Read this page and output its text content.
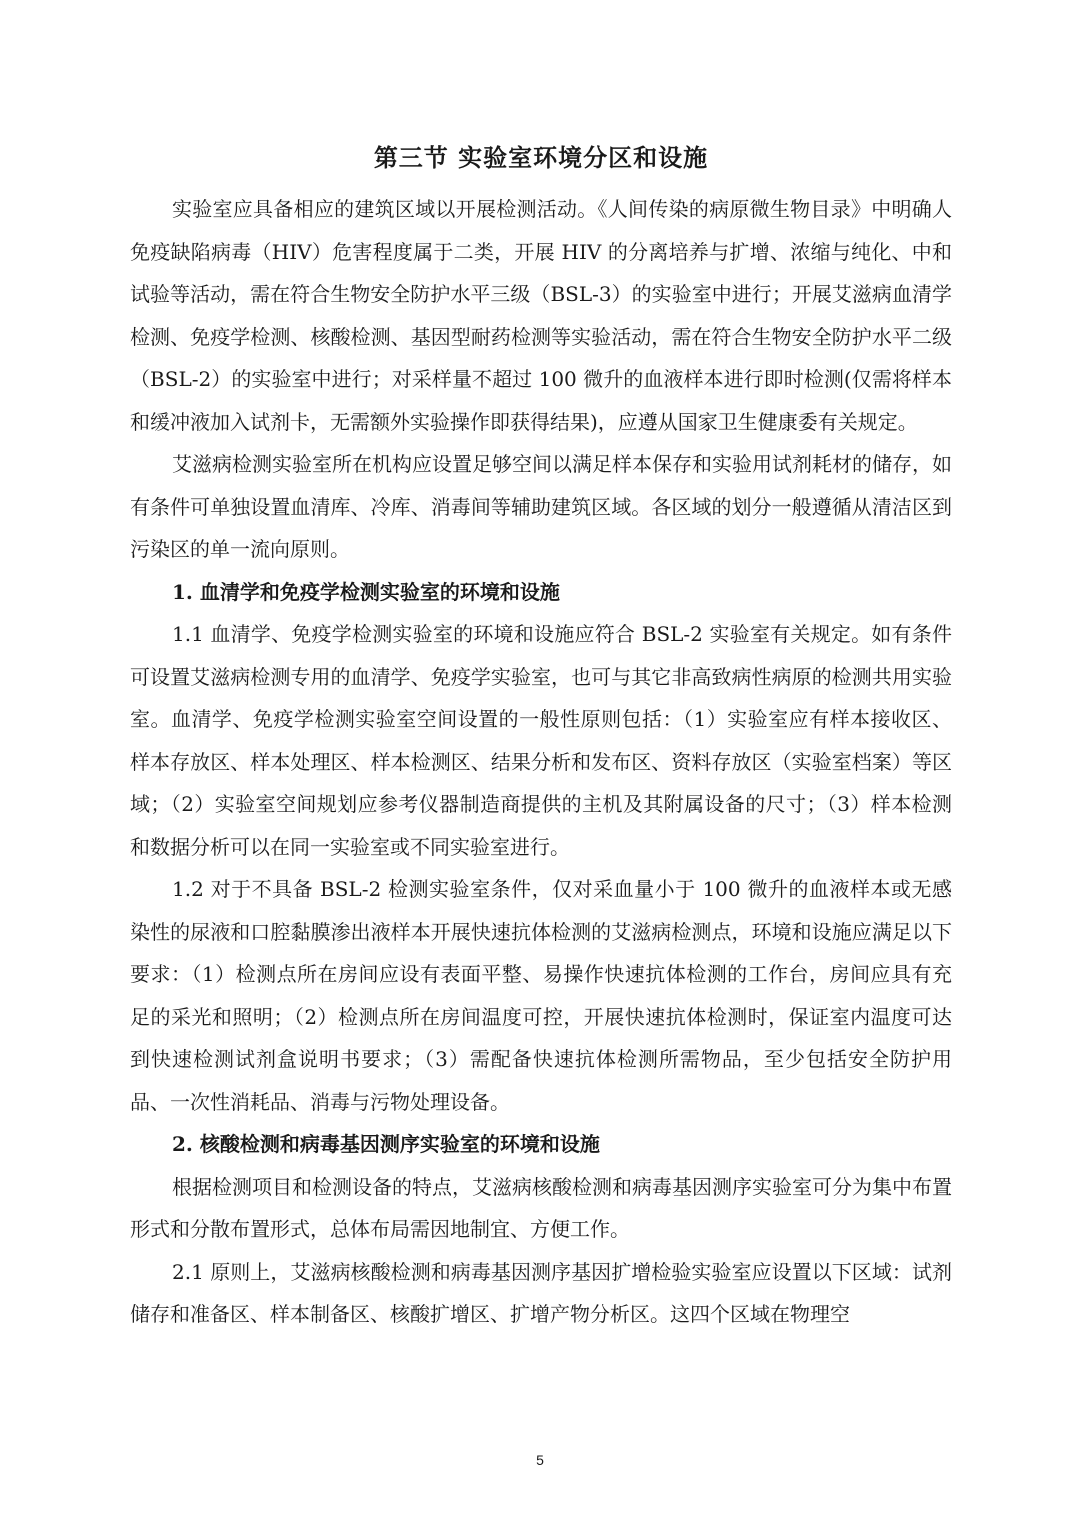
第三节 实验室环境分区和设施

实验室应具备相应的建筑区域以开展检测活动。《人间传染的病原微生物目录》中明确人免疫缺陷病毒（HIV）危害程度属于二类，开展 HIV 的分离培养与扩增、浓缩与纯化、中和试验等活动，需在符合生物安全防护水平三级（BSL-3）的实验室中进行；开展艾滋病血清学检测、免疫学检测、核酸检测、基因型耐药检测等实验活动，需在符合生物安全防护水平二级（BSL-2）的实验室中进行；对采样量不超过 100 微升的血液样本进行即时检测(仅需将样本和缓冲液加入试剂卡，无需额外实验操作即获得结果)，应遵从国家卫生健康委有关规定。

艾滋病检测实验室所在机构应设置足够空间以满足样本保存和实验用试剂耗材的储存，如有条件可单独设置血清库、冷库、消毒间等辅助建筑区域。各区域的划分一般遵循从清洁区到污染区的单一流向原则。

1. 血清学和免疫学检测实验室的环境和设施

1.1 血清学、免疫学检测实验室的环境和设施应符合 BSL-2 实验室有关规定。如有条件可设置艾滋病检测专用的血清学、免疫学实验室，也可与其它非高致病性病原的检测共用实验室。血清学、免疫学检测实验室空间设置的一般性原则包括：（1）实验室应有样本接收区、样本存放区、样本处理区、样本检测区、结果分析和发布区、资料存放区（实验室档案）等区域；（2）实验室空间规划应参考仪器制造商提供的主机及其附属设备的尺寸；（3）样本检测和数据分析可以在同一实验室或不同实验室进行。

1.2 对于不具备 BSL-2 检测实验室条件，仅对采血量小于 100 微升的血液样本或无感染性的尿液和口腔黏膜渗出液样本开展快速抗体检测的艾滋病检测点，环境和设施应满足以下要求：（1）检测点所在房间应设有表面平整、易操作快速抗体检测的工作台，房间应具有充足的采光和照明；（2）检测点所在房间温度可控，开展快速抗体检测时，保证室内温度可达到快速检测试剂盒说明书要求；（3）需配备快速抗体检测所需物品，至少包括安全防护用品、一次性消耗品、消毒与污物处理设备。

2. 核酸检测和病毒基因测序实验室的环境和设施

根据检测项目和检测设备的特点，艾滋病核酸检测和病毒基因测序实验室可分为集中布置形式和分散布置形式，总体布局需因地制宜、方便工作。

2.1 原则上，艾滋病核酸检测和病毒基因测序基因扩增检验实验室应设置以下区域：试剂储存和准备区、样本制备区、核酸扩增区、扩增产物分析区。这四个区域在物理空

5
